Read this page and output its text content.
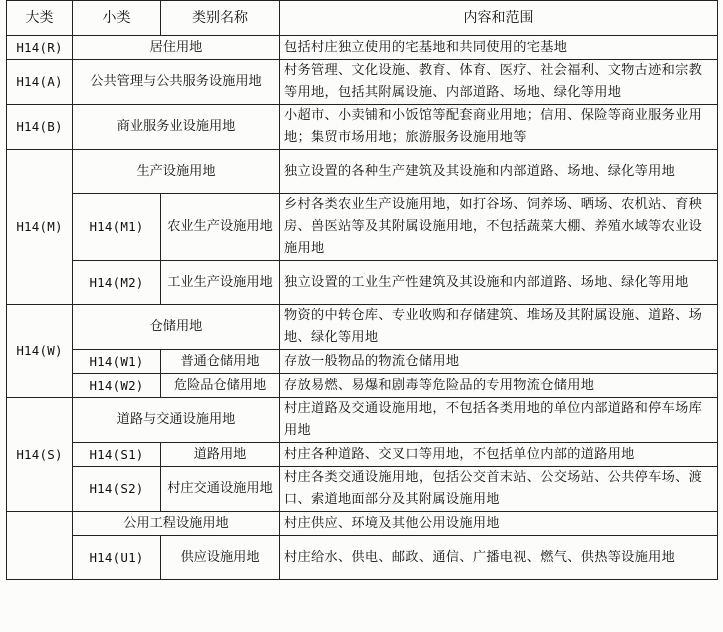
大类	小类	类别名称	内容和范围
H14(R)	居住用地		包括村庄独立使用的宅基地和共同使用的宅基地
H14(A)	公共管理与公共服务设施用地		村务管理、文化设施、教育、体育、医疗、社会福利、文物古迹和宗教等用地，包括其附属设施、内部道路、场地、绿化等用地
H14(B)	商业服务业设施用地		小超市、小卖铺和小饭馆等配套商业用地；信用、保险等商业服务业用地；集贸市场用地；旅游服务设施用地等
H14(M)	生产设施用地		独立设置的各种生产建筑及其设施和内部道路、场地、绿化等用地
	H14(M1)	农业生产设施用地	乡村各类农业生产设施用地，如打谷场、饲养场、晒场、农机站、育秧房、兽医站等及其附属设施用地，不包括蔬菜大棚、养殖水域等农业设施用地
	H14(M2)	工业生产设施用地	独立设置的工业生产性建筑及其设施和内部道路、场地、绿化等用地
H14(W)	仓储用地		物资的中转仓库、专业收购和存储建筑、堆场及其附属设施、道路、场地、绿化等用地
	H14(W1)	普通仓储用地	存放一般物品的物流仓储用地
	H14(W2)	危险品仓储用地	存放易燃、易爆和剧毒等危险品的专用物流仓储用地
H14(S)	道路与交通设施用地		村庄道路及交通设施用地，不包括各类用地的单位内部道路和停车场库用地
	H14(S1)	道路用地	村庄各种道路、交叉口等用地，不包括单位内部的道路用地
	H14(S2)	村庄交通设施用地	村庄各类交通设施用地，包括公交首末站、公交场站、公共停车场、渡口、索道地面部分及其附属设施用地
	公用工程设施用地		村庄供应、环境及其他公用设施用地
	H14(U1)	供应设施用地	村庄给水、供电、邮政、通信、广播电视、燃气、供热等设施用地
